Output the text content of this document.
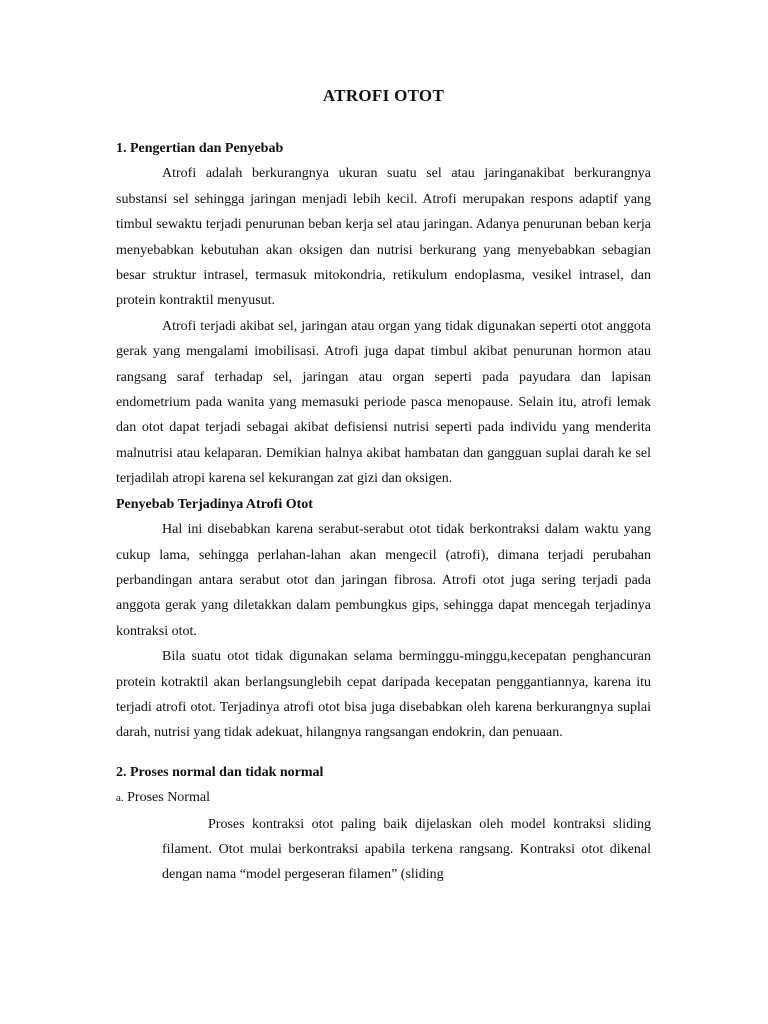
ATROFI OTOT
1. Pengertian dan Penyebab

Atrofi adalah berkurangnya ukuran suatu sel atau jaringanakibat berkurangnya substansi sel sehingga jaringan menjadi lebih kecil. Atrofi merupakan respons adaptif yang timbul sewaktu terjadi penurunan beban kerja sel atau jaringan. Adanya penurunan beban kerja menyebabkan kebutuhan akan oksigen dan nutrisi berkurang yang menyebabkan sebagian besar struktur intrasel, termasuk mitokondria, retikulum endoplasma, vesikel intrasel, dan protein kontraktil menyusut.

Atrofi terjadi akibat sel, jaringan atau organ yang tidak digunakan seperti otot anggota gerak yang mengalami imobilisasi. Atrofi juga dapat timbul akibat penurunan hormon atau rangsang saraf terhadap sel, jaringan atau organ seperti pada payudara dan lapisan endometrium pada wanita yang memasuki periode pasca menopause. Selain itu, atrofi lemak dan otot dapat terjadi sebagai akibat defisiensi nutrisi seperti pada individu yang menderita malnutrisi atau kelaparan. Demikian halnya akibat hambatan dan gangguan suplai darah ke sel terjadilah atropi karena sel kekurangan zat gizi dan oksigen.

Penyebab Terjadinya Atrofi Otot

Hal ini disebabkan karena serabut-serabut otot tidak berkontraksi dalam waktu yang cukup lama, sehingga perlahan-lahan akan mengecil (atrofi), dimana terjadi perubahan perbandingan antara serabut otot dan jaringan fibrosa. Atrofi otot juga sering terjadi pada anggota gerak yang diletakkan dalam pembungkus gips, sehingga dapat mencegah terjadinya kontraksi otot.

Bila suatu otot tidak digunakan selama berminggu-minggu,kecepatan penghancuran protein kotraktil akan berlangsunglebih cepat daripada kecepatan penggantiannya, karena itu terjadi atrofi otot. Terjadinya atrofi otot bisa juga disebabkan oleh karena berkurangnya suplai darah, nutrisi yang tidak adekuat, hilangnya rangsangan endokrin, dan penuaan.

2. Proses normal dan tidak normal
a. Proses Normal

Proses kontraksi otot paling baik dijelaskan oleh model kontraksi sliding filament. Otot mulai berkontraksi apabila terkena rangsang. Kontraksi otot dikenal dengan nama “model pergeseran filamen” (sliding
